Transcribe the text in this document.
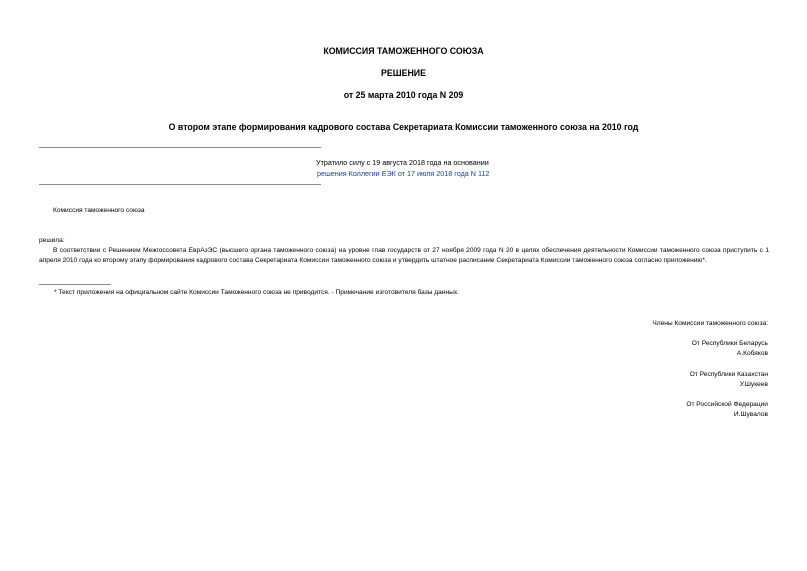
КОМИССИЯ ТАМОЖЕННОГО СОЮЗА
РЕШЕНИЕ
от 25 марта 2010 года N 209
О втором этапе формирования кадрового состава Секретариата Комиссии таможенного союза на 2010 год
Утратило силу с 19 августа 2018 года на основании
решения Коллегии ЕЭК от 17 июля 2018 года N 112
Комиссия таможенного союза
решила:
В соответствии с Решением Межгоссовета ЕврАзЭС (высшего органа таможенного союза) на уровне глав государств от 27 ноября 2009 года N 20 в целях обеспечения деятельности Комиссии таможенного союза приступить с 1 апреля 2010 года ко второму этапу формирования кадрового состава Секретариата Комиссии таможенного союза и утвердить штатное расписание Секретариата Комиссии таможенного союза согласно приложению*.
* Текст приложения на официальном сайте Комиссии Таможенного союза не приводится. - Примечание изготовителя базы данных.
Члены Комиссии таможенного союза:
От Республики Беларусь
А.Кобяков
От Республики Казахстан
У.Шукеев
От Российской Федерации
И.Шувалов
